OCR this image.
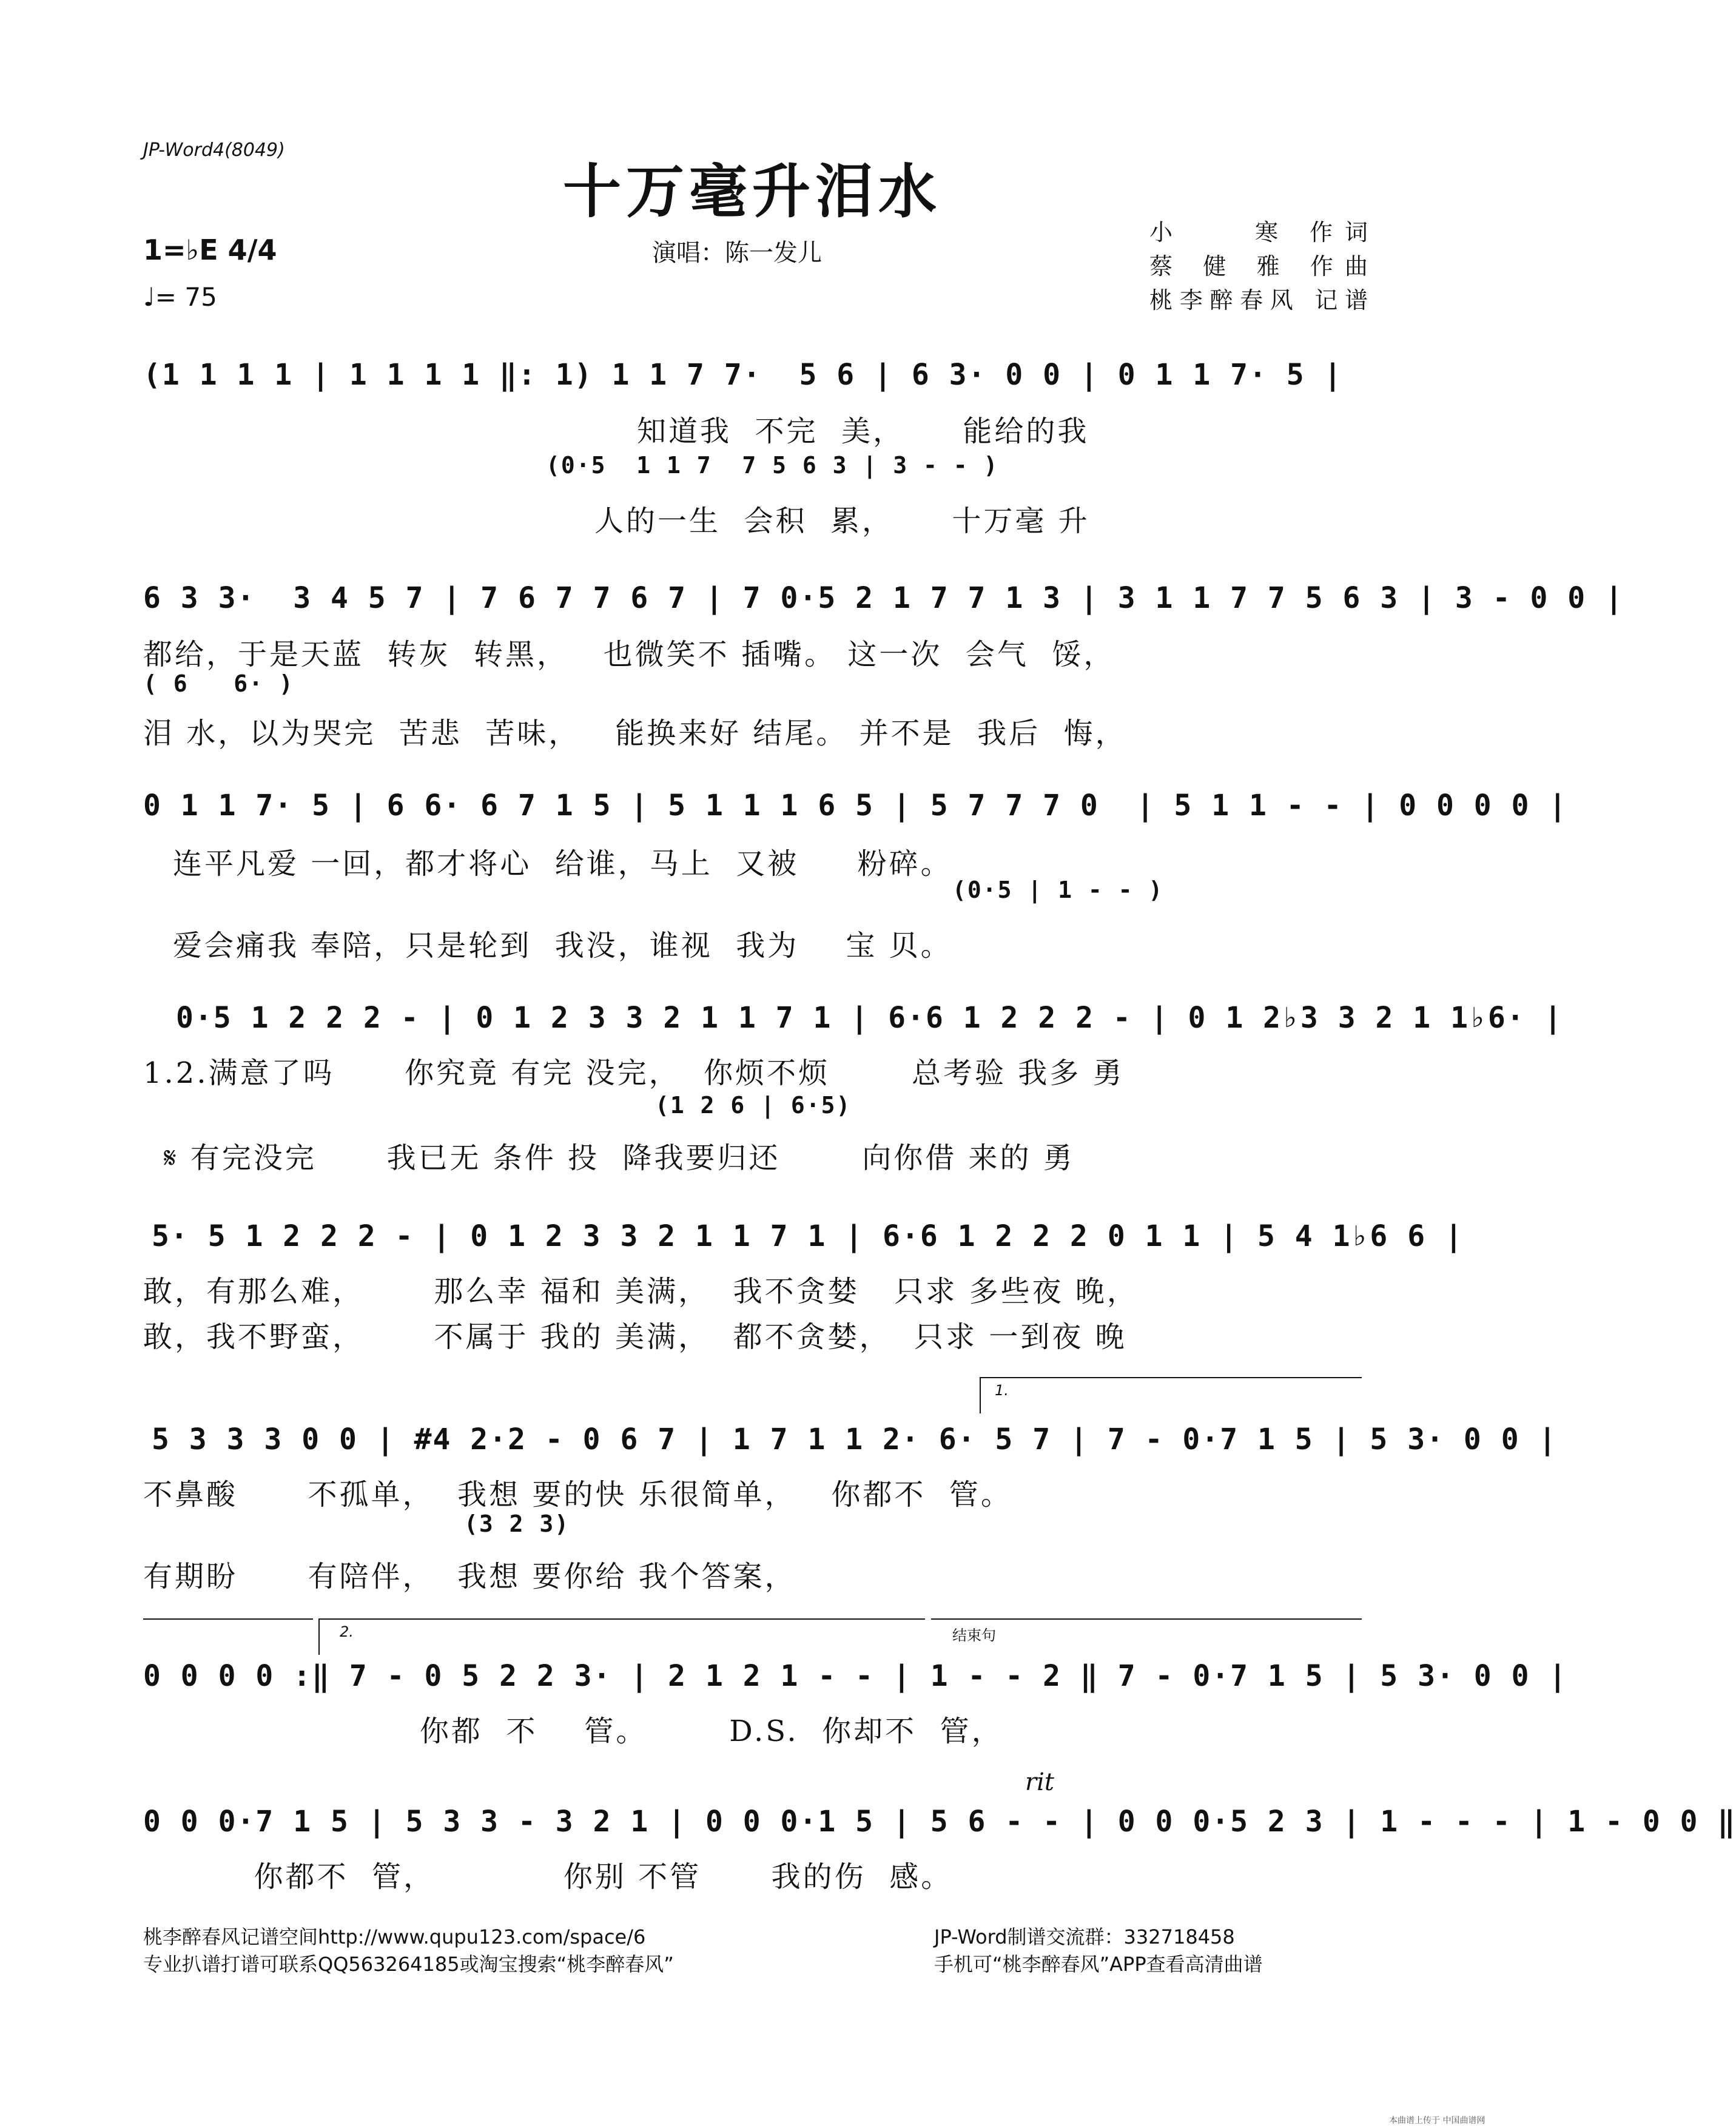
JP-Word4(8049)
十万毫升泪水
1=♭E 4/4
♩= 75
演唱：陈一发儿
小　　寒 作词
蔡 健 雅 作曲
桃李醉春风 记谱
(1 1 1 1 | 1 1 1 1 ‖: 1) 1 1 7 7·  5 6 | 6 3· 0 0 | 0 1 1 7· 5 |
知道我  不完  美，     能给的我
(0·5  1 1 7  7 5 6 3 | 3 - - )
人的一生  会积  累，     十万毫 升
6 3 3·  3 4 5 7 | 7 6 7 7 6 7 | 7 0·5 2 1 7 7 1 3 | 3 1 1 7 7 5 6 3 | 3 - 0 0 |
都给，于是天蓝  转灰  转黑，   也微笑不 插嘴。 这一次  会气  馁，
( 6   6· )
泪 水，以为哭完  苦悲  苦味，   能换来好 结尾。 并不是  我后  悔，
0 1 1 7· 5 | 6 6· 6 7 1 5 | 5 1 1 1 6 5 | 5 7 7 7 0  | 5 1 1 - - | 0 0 0 0 |
连平凡爱 一回，都才将心  给谁，马上  又被     粉碎。
(0·5 | 1 - - )
爱会痛我 奉陪，只是轮到  我没，谁视  我为    宝 贝。
0·5 1 2 2 2 - | 0 1 2 3 3 2 1 1 7 1 | 6·6 1 2 2 2 - | 0 1 2♭3 3 2 1 1♭6· |
1.2.满意了吗      你究竟 有完 没完，  你烦不烦       总考验 我多 勇
(1 2 6 | 6·5)
𝄋 有完没完      我已无 条件 投  降我要归还       向你借 来的 勇
5· 5 1 2 2 2 - | 0 1 2 3 3 2 1 1 7 1 | 6·6 1 2 2 2 0 1 1 | 5 4 1♭6 6 |
敢，有那么难，      那么幸 福和 美满，  我不贪婪   只求 多些夜 晚，
敢，我不野蛮，      不属于 我的 美满，  都不贪婪，  只求 一到夜 晚
1.
5 3 3 3 0 0 | #4 2·2 - 0 6 7 | 1 7 1 1 2· 6· 5 7 | 7 - 0·7 1 5 | 5 3· 0 0 |
不鼻酸      不孤单，  我想 要的快 乐很简单，   你都不  管。
(3 2 3)
有期盼      有陪伴，  我想 要你给 我个答案，
2.	结束句
0 0 0 0 :‖ 7 - 0 5 2 2 3· | 2 1 2 1 - - | 1 - - 2 ‖ 7 - 0·7 1 5 | 5 3· 0 0 |
你都  不    管。       D.S.  你却不  管，
rit
0 0 0·7 1 5 | 5 3 3 - 3 2 1 | 0 0 0·1 5 | 5 6 - - | 0 0 0·5 2 3 | 1 - - - | 1 - 0 0 ‖
你都不  管，           你别 不管      我的伤  感。
桃李醉春风记谱空间http://www.qupu123.com/space/6
专业扒谱打谱可联系QQ563264185或淘宝搜索“桃李醉春风”
JP-Word制谱交流群：332718458
手机可“桃李醉春风”APP查看高清曲谱
本曲谱上传于 中国曲谱网
